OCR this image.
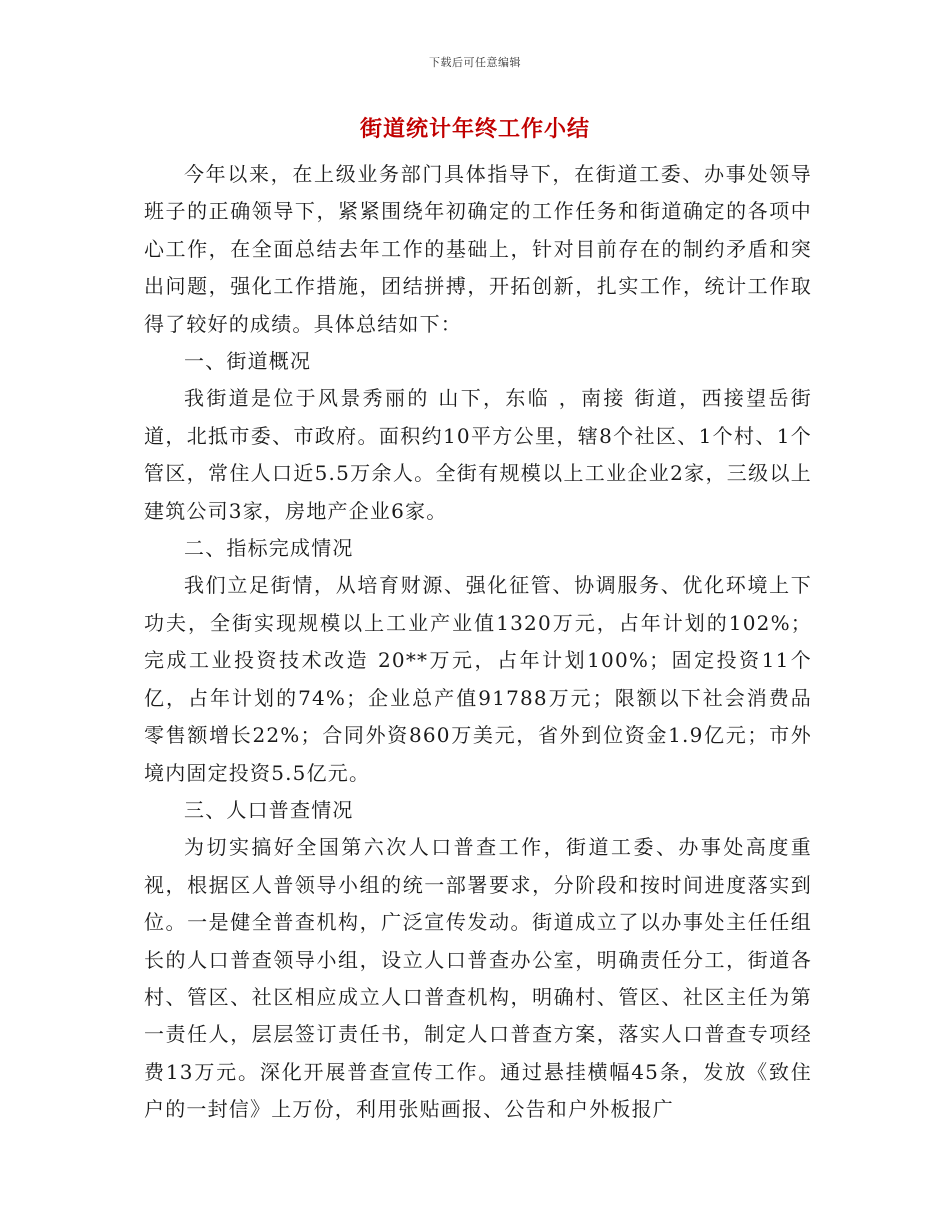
下载后可任意编辑
街道统计年终工作小结

今年以来，在上级业务部门具体指导下，在街道工委、办事处领导班子的正确领导下，紧紧围绕年初确定的工作任务和街道确定的各项中心工作，在全面总结去年工作的基础上，针对目前存在的制约矛盾和突出问题，强化工作措施，团结拼搏，开拓创新，扎实工作，统计工作取得了较好的成绩。具体总结如下：

一、街道概况

我街道是位于风景秀丽的 山下，东临 ，南接 街道，西接望岳街道，北抵市委、市政府。面积约10平方公里，辖8个社区、1个村、1个管区，常住人口近5.5万余人。全街有规模以上工业企业2家，三级以上建筑公司3家，房地产企业6家。

二、指标完成情况

我们立足街情，从培育财源、强化征管、协调服务、优化环境上下功夫，全街实现规模以上工业产业值1320万元，占年计划的102%；完成工业投资技术改造 20**万元，占年计划100%；固定投资11个亿，占年计划的74%；企业总产值91788万元；限额以下社会消费品零售额增长22%；合同外资860万美元，省外到位资金1.9亿元；市外境内固定投资5.5亿元。

三、人口普查情况

为切实搞好全国第六次人口普查工作，街道工委、办事处高度重视，根据区人普领导小组的统一部署要求，分阶段和按时间进度落实到位。一是健全普查机构，广泛宣传发动。街道成立了以办事处主任任组长的人口普查领导小组，设立人口普查办公室，明确责任分工，街道各村、管区、社区相应成立人口普查机构，明确村、管区、社区主任为第一责任人，层层签订责任书，制定人口普查方案，落实人口普查专项经费13万元。深化开展普查宣传工作。通过悬挂横幅45条，发放《致住户的一封信》上万份，利用张贴画报、公告和户外板报广
